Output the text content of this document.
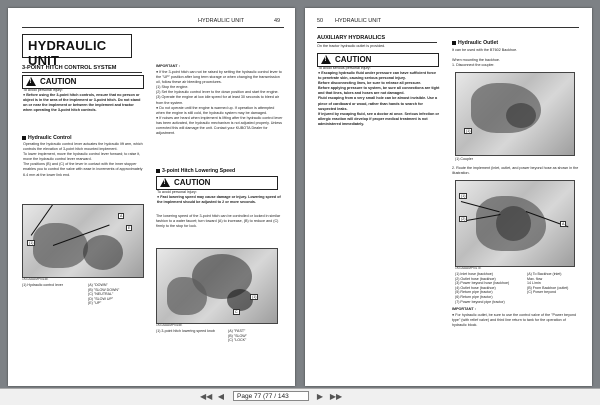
HYDRAULIC UNIT	49
HYDRAULIC UNIT
3-POINT HITCH CONTROL SYSTEM
!
CAUTION
To avoid personal injury:
● Before using the 3-point hitch controls, ensure that no person or object is in the area of the implement or 3-point hitch. Do not stand on or near the implement or between the implement and tractor when operating the 3-point hitch controls.
Hydraulic Control
Operating the hydraulic control lever actuates the hydraulic lift arm, which controls the elevation of 3-point hitch mounted implement.
To lower implement, move the hydraulic control lever forward; to raise it, move the hydraulic control lever rearward.
The positions (B) and (C) of the lever in contact with the inner stopper enables you to control the valve with ease in increments of approximately 6.4 mm at the lower link end.
(1)
A
E
1KGAAAMPN14E
(1) Hydraulic control lever	(A) "DOWN"
(B) "SLOW DOWN"
(C) "NEUTRAL"
(D) "SLOW UP"
(E) "UP"
IMPORTANT :
● If the 3-point hitch can not be raised by setting the hydraulic control lever to the "UP" position after long term storage or when changing the transmission oil, follow these air bleeding procedures.
(1) Stop the engine.
(2) Set the hydraulic control lever to the down position and start the engine.
(3) Operate the engine at low idle speed for at least 30 seconds to bleed air from the system.
● Do not operate until the engine is warmed up. If operation is attempted when the engine is still cold, the hydraulic system may be damaged.
● If noises are heard when implement is lifting after the hydraulic control lever has been activated, the hydraulic mechanism is not adjusted properly. Unless corrected this will damage the unit. Contact your KUBOTA Dealer for adjustment.
3-point Hitch Lowering Speed
!
CAUTION
To avoid personal injury:
● Fast lowering speed may cause damage or injury. Lowering speed of the implement should be adjusted to 2 or more seconds.
The lowering speed of the 3-point hitch can be controlled or locked in similar fashion to a water faucet; turn toward (A) to increase, (B) to reduce and (C) firmly to the stop for lock.
(1)
C
1KGAAAMPN15E
(1) 3-point hitch lowering speed knob	(A) "FAST"
(B) "SLOW"
(C) "LOCK"
50 HYDRAULIC UNIT
AUXILIARY HYDRAULICS
On the tractor hydraulic outlet is provided.
!
CAUTION
To avoid serious personal injury:
● Escaping hydraulic fluid under pressure can have sufficient force to penetrate skin, causing serious personal injury.
Before disconnecting lines, be sure to release all pressure.
Before applying pressure to system, be sure all connections are tight and that lines, tubes and hoses are not damaged.
Fluid escaping from a very small hole can be almost invisible. Use a piece of cardboard or wood, rather than hands to search for suspected leaks.
If injured by escaping fluid, see a doctor at once. Serious infection or allergic reaction will develop if proper medical treatment is not administered immediately.
Hydraulic Outlet
It can be used with the BT602 Backhoe.
When mounting the backhoe.
1. Disconnect the coupler.
(1)
(1) Coupler
2. Route the implement (inlet, outlet, and power beyond hose as shown in the illustration.
(1)
(2)
A
1KGAAAMPN17E
(1) Inlet hose (backhoe)
(2) Outlet hose (backhoe)
(3) Power beyond hose (backhoe)
(4) Outlet hose (backhoe)
(5) Return pipe (tractor)
(6) Return pipe (tractor)
(7) Power beyond pipe (tractor)
(A) To Backhoe (inlet)
Max. flow
14 L/min
(B) From Backhoe (outlet)
(C) Power beyond
IMPORTANT :
● For hydraulic outlet, be sure to use the control valve of the "Power beyond type" (with relief valve) and third line return to tank for the operation of hydraulic block.
◀◀ ◀	Page 77 (77 / 143	▶ ▶▶
